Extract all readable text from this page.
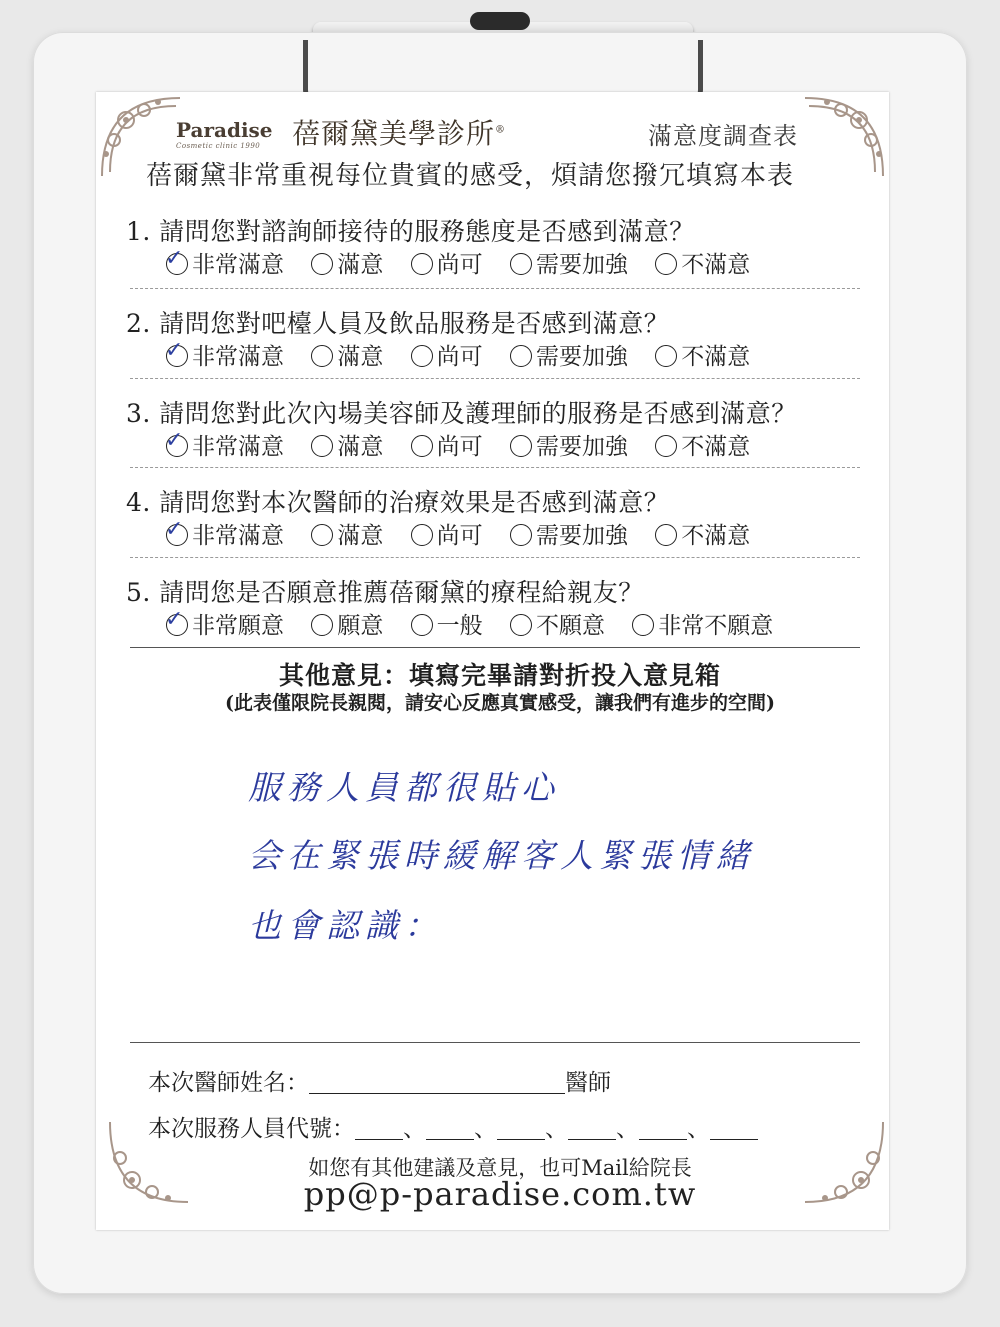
Paradise
Cosmetic clinic 1990 蓓爾黛美學診所®	滿意度調查表
蓓爾黛非常重視每位貴賓的感受，煩請您撥冗填寫本表
1. 請問您對諮詢師接待的服務態度是否感到滿意？
✓ 非常滿意 滿意 尚可 需要加強 不滿意
2. 請問您對吧檯人員及飲品服務是否感到滿意？
✓ 非常滿意 滿意 尚可 需要加強 不滿意
3. 請問您對此次內場美容師及護理師的服務是否感到滿意？
✓ 非常滿意 滿意 尚可 需要加強 不滿意
4. 請問您對本次醫師的治療效果是否感到滿意？
✓ 非常滿意 滿意 尚可 需要加強 不滿意
5. 請問您是否願意推薦蓓爾黛的療程給親友？
✓ 非常願意 願意 一般 不願意 非常不願意
其他意見：填寫完畢請對折投入意見箱
(此表僅限院長親閱，請安心反應真實感受，讓我們有進步的空間)
服務人員都很貼心
会在緊張時緩解客人緊張情緒
也會認識：
本次醫師姓名：	醫師
本次服務人員代號： 、 、 、 、 、
如您有其他建議及意見，也可Mail給院長
pp@p-paradise.com.tw
